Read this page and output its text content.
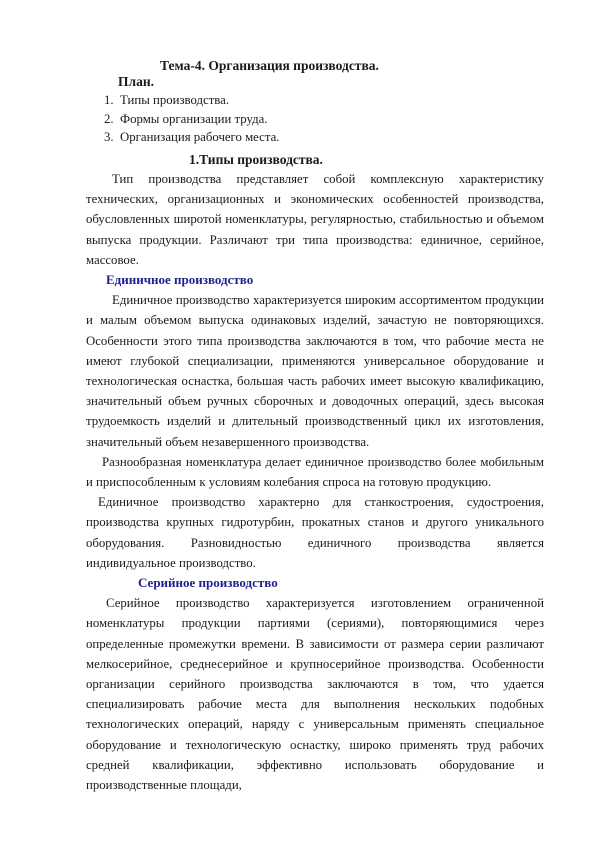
Тема-4. Организация производства.
План.
1. Типы производства.
2. Формы организации труда.
3. Организация рабочего места.
1.Типы производства.

Тип производства представляет собой комплексную характеристику технических, организационных и экономических особенностей производства, обусловленных широтой номенклатуры, регулярностью, стабильностью и объемом выпуска продукции. Различают три типа производства: единичное, серийное, массовое.

Единичное производство

Единичное производство характеризуется широким ассортиментом продукции и малым объемом выпуска одинаковых изделий, зачастую не повторяющихся. Особенности этого типа производства заключаются в том, что рабочие места не имеют глубокой специализации, применяются универсальное оборудование и технологическая оснастка, большая часть рабочих имеет высокую квалификацию, значительный объем ручных сборочных и доводочных операций, здесь высокая трудоемкость изделий и длительный производственный цикл их изготовления, значительный объем незавершенного производства.

Разнообразная номенклатура делает единичное производство более мобильным и приспособленным к условиям колебания спроса на готовую продукцию.

Единичное производство характерно для станкостроения, судостроения, производства крупных гидротурбин, прокатных станов и другого уникального оборудования. Разновидностью единичного производства является индивидуальное производство.

Серийное производство

Серийное производство характеризуется изготовлением ограниченной номенклатуры продукции партиями (сериями), повторяющимися через определенные промежутки времени. В зависимости от размера серии различают мелкосерийное, среднесерийное и крупносерийное производства. Особенности организации серийного производства заключаются в том, что удается специализировать рабочие места для выполнения нескольких подобных технологических операций, наряду с универсальным применять специальное оборудование и технологическую оснастку, широко применять труд рабочих средней квалификации, эффективно использовать оборудование и производственные площади,
